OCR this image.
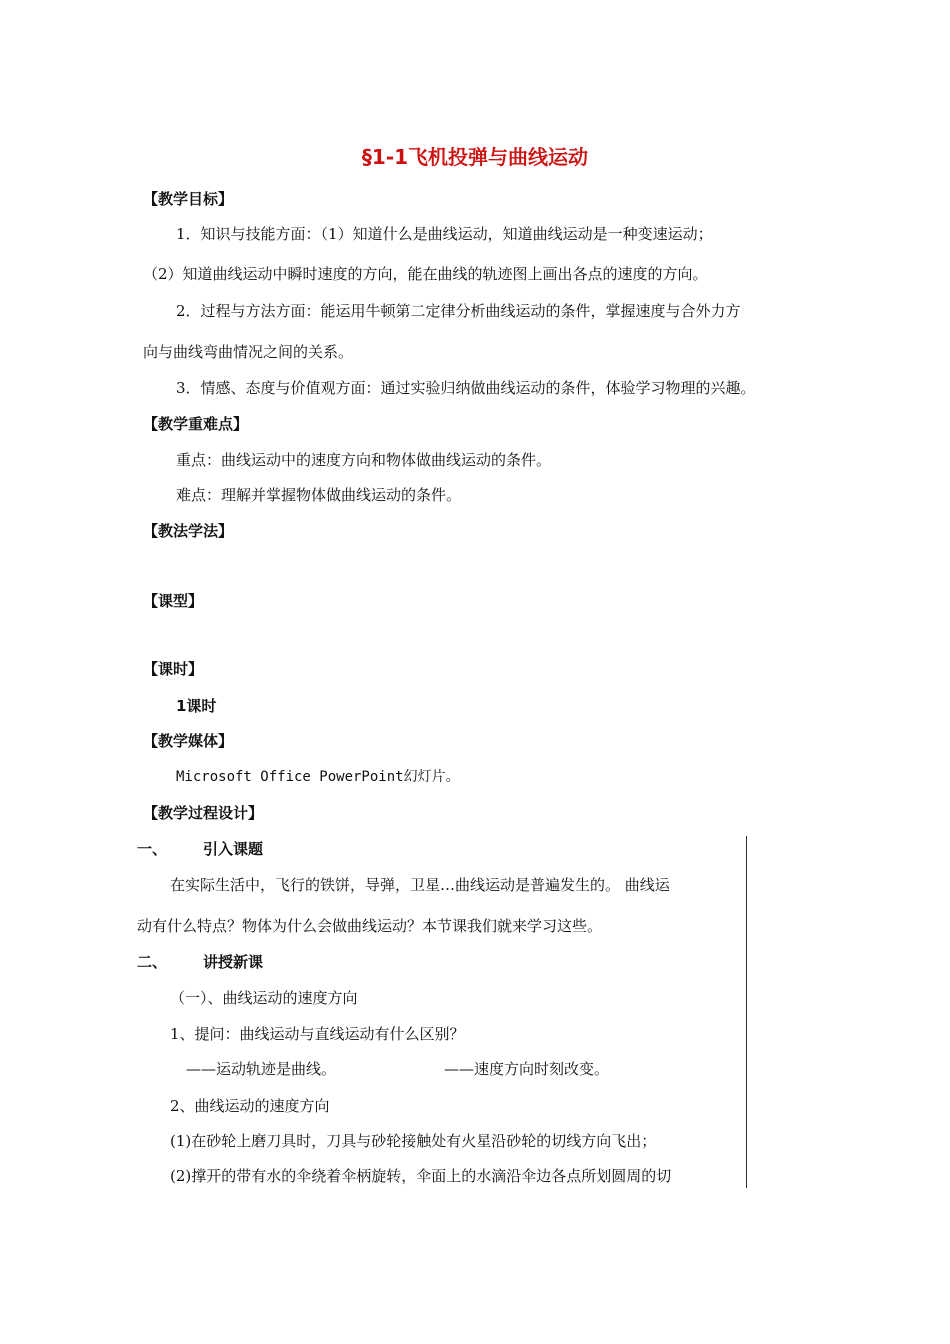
§1-1飞机投弹与曲线运动
【教学目标】
1．知识与技能方面：（1）知道什么是曲线运动，知道曲线运动是一种变速运动；
（2）知道曲线运动中瞬时速度的方向，能在曲线的轨迹图上画出各点的速度的方向。
2．过程与方法方面：能运用牛顿第二定律分析曲线运动的条件，掌握速度与合外力方
向与曲线弯曲情况之间的关系。
3．情感、态度与价值观方面：通过实验归纳做曲线运动的条件，体验学习物理的兴趣。
【教学重难点】
重点：曲线运动中的速度方向和物体做曲线运动的条件。
难点：理解并掌握物体做曲线运动的条件。
【教法学法】
【课型】
【课时】
1课时
【教学媒体】
Microsoft Office PowerPoint幻灯片。
【教学过程设计】
一、 引入课题
在实际生活中，飞行的铁饼，导弹，卫星…曲线运动是普遍发生的。 曲线运
动有什么特点？物体为什么会做曲线运动？本节课我们就来学习这些。
二、 讲授新课
（一）、曲线运动的速度方向
1、提问：曲线运动与直线运动有什么区别？
——运动轨迹是曲线。	——速度方向时刻改变。
2、曲线运动的速度方向
(1)在砂轮上磨刀具时，刀具与砂轮接触处有火星沿砂轮的切线方向飞出；
(2)撑开的带有水的伞绕着伞柄旋转，伞面上的水滴沿伞边各点所划圆周的切
